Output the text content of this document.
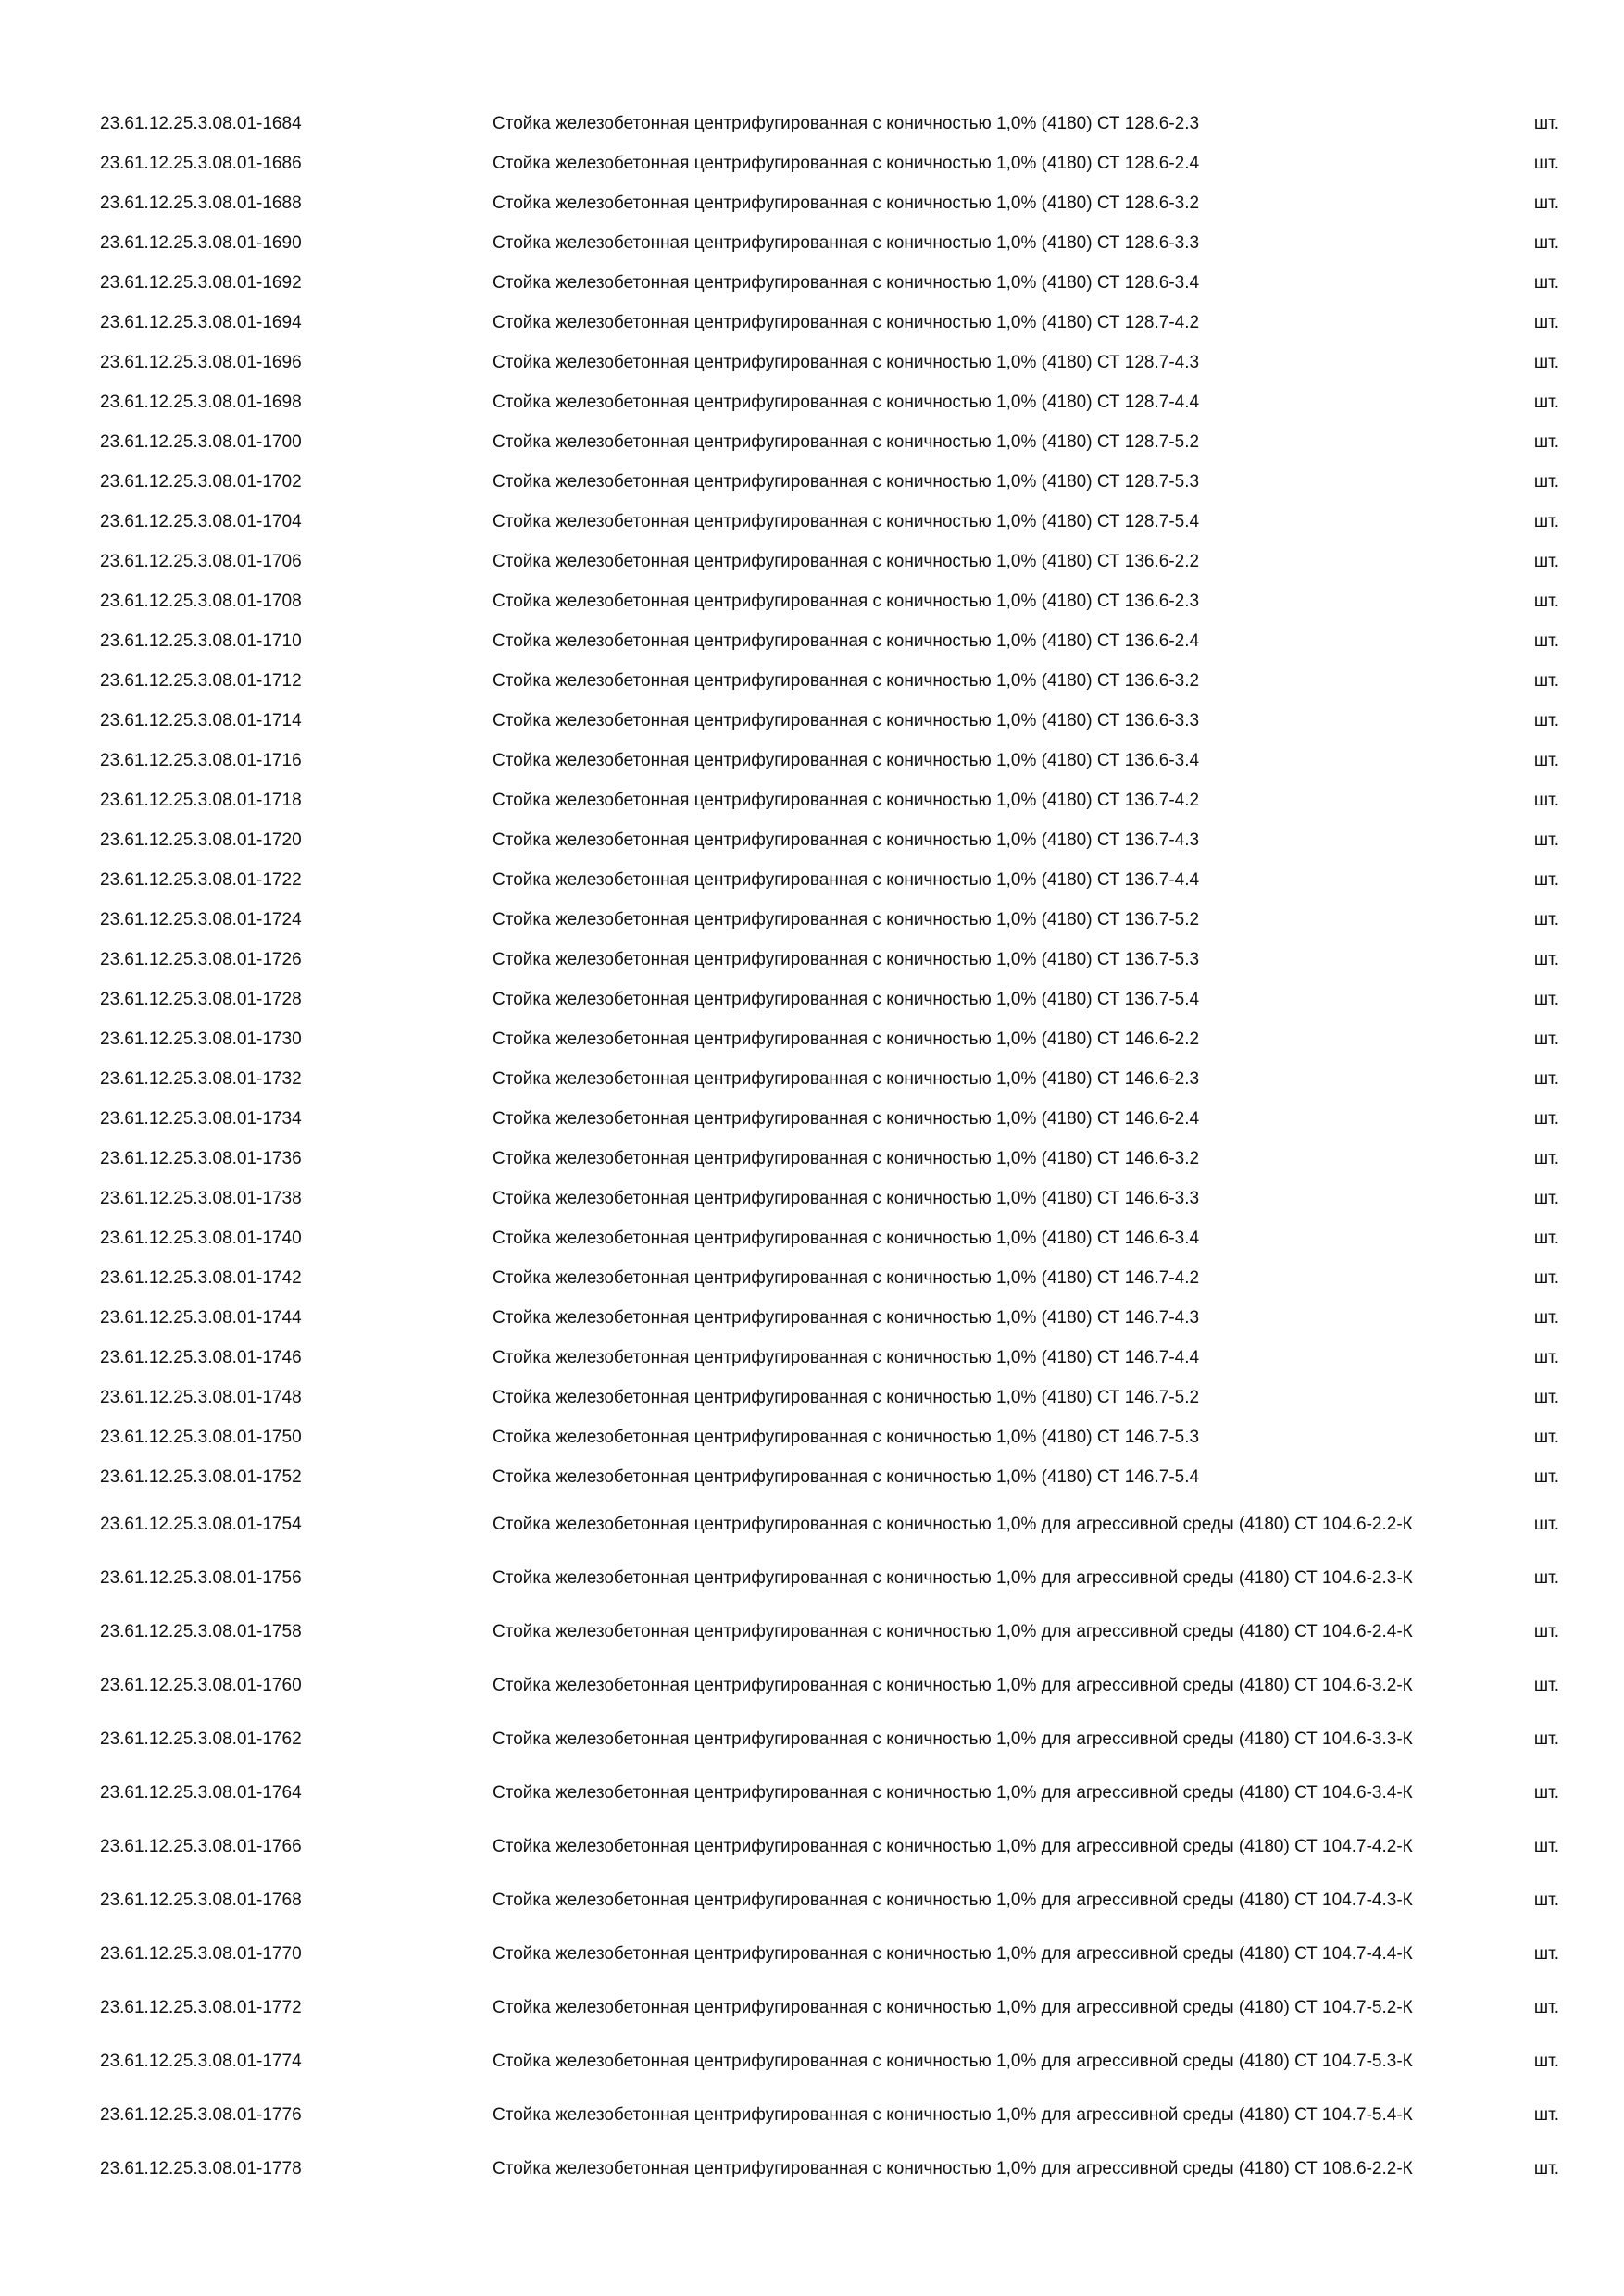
23.61.12.25.3.08.01-1684	Стойка железобетонная центрифугированная с коничностью 1,0% (4180) СТ 128.6-2.3	шт.
23.61.12.25.3.08.01-1686	Стойка железобетонная центрифугированная с коничностью 1,0% (4180) СТ 128.6-2.4	шт.
23.61.12.25.3.08.01-1688	Стойка железобетонная центрифугированная с коничностью 1,0% (4180) СТ 128.6-3.2	шт.
23.61.12.25.3.08.01-1690	Стойка железобетонная центрифугированная с коничностью 1,0% (4180) СТ 128.6-3.3	шт.
23.61.12.25.3.08.01-1692	Стойка железобетонная центрифугированная с коничностью 1,0% (4180) СТ 128.6-3.4	шт.
23.61.12.25.3.08.01-1694	Стойка железобетонная центрифугированная с коничностью 1,0% (4180) СТ 128.7-4.2	шт.
23.61.12.25.3.08.01-1696	Стойка железобетонная центрифугированная с коничностью 1,0% (4180) СТ 128.7-4.3	шт.
23.61.12.25.3.08.01-1698	Стойка железобетонная центрифугированная с коничностью 1,0% (4180) СТ 128.7-4.4	шт.
23.61.12.25.3.08.01-1700	Стойка железобетонная центрифугированная с коничностью 1,0% (4180) СТ 128.7-5.2	шт.
23.61.12.25.3.08.01-1702	Стойка железобетонная центрифугированная с коничностью 1,0% (4180) СТ 128.7-5.3	шт.
23.61.12.25.3.08.01-1704	Стойка железобетонная центрифугированная с коничностью 1,0% (4180) СТ 128.7-5.4	шт.
23.61.12.25.3.08.01-1706	Стойка железобетонная центрифугированная с коничностью 1,0% (4180) СТ 136.6-2.2	шт.
23.61.12.25.3.08.01-1708	Стойка железобетонная центрифугированная с коничностью 1,0% (4180) СТ 136.6-2.3	шт.
23.61.12.25.3.08.01-1710	Стойка железобетонная центрифугированная с коничностью 1,0% (4180) СТ 136.6-2.4	шт.
23.61.12.25.3.08.01-1712	Стойка железобетонная центрифугированная с коничностью 1,0% (4180) СТ 136.6-3.2	шт.
23.61.12.25.3.08.01-1714	Стойка железобетонная центрифугированная с коничностью 1,0% (4180) СТ 136.6-3.3	шт.
23.61.12.25.3.08.01-1716	Стойка железобетонная центрифугированная с коничностью 1,0% (4180) СТ 136.6-3.4	шт.
23.61.12.25.3.08.01-1718	Стойка железобетонная центрифугированная с коничностью 1,0% (4180) СТ 136.7-4.2	шт.
23.61.12.25.3.08.01-1720	Стойка железобетонная центрифугированная с коничностью 1,0% (4180) СТ 136.7-4.3	шт.
23.61.12.25.3.08.01-1722	Стойка железобетонная центрифугированная с коничностью 1,0% (4180) СТ 136.7-4.4	шт.
23.61.12.25.3.08.01-1724	Стойка железобетонная центрифугированная с коничностью 1,0% (4180) СТ 136.7-5.2	шт.
23.61.12.25.3.08.01-1726	Стойка железобетонная центрифугированная с коничностью 1,0% (4180) СТ 136.7-5.3	шт.
23.61.12.25.3.08.01-1728	Стойка железобетонная центрифугированная с коничностью 1,0% (4180) СТ 136.7-5.4	шт.
23.61.12.25.3.08.01-1730	Стойка железобетонная центрифугированная с коничностью 1,0% (4180) СТ 146.6-2.2	шт.
23.61.12.25.3.08.01-1732	Стойка железобетонная центрифугированная с коничностью 1,0% (4180) СТ 146.6-2.3	шт.
23.61.12.25.3.08.01-1734	Стойка железобетонная центрифугированная с коничностью 1,0% (4180) СТ 146.6-2.4	шт.
23.61.12.25.3.08.01-1736	Стойка железобетонная центрифугированная с коничностью 1,0% (4180) СТ 146.6-3.2	шт.
23.61.12.25.3.08.01-1738	Стойка железобетонная центрифугированная с коничностью 1,0% (4180) СТ 146.6-3.3	шт.
23.61.12.25.3.08.01-1740	Стойка железобетонная центрифугированная с коничностью 1,0% (4180) СТ 146.6-3.4	шт.
23.61.12.25.3.08.01-1742	Стойка железобетонная центрифугированная с коничностью 1,0% (4180) СТ 146.7-4.2	шт.
23.61.12.25.3.08.01-1744	Стойка железобетонная центрифугированная с коничностью 1,0% (4180) СТ 146.7-4.3	шт.
23.61.12.25.3.08.01-1746	Стойка железобетонная центрифугированная с коничностью 1,0% (4180) СТ 146.7-4.4	шт.
23.61.12.25.3.08.01-1748	Стойка железобетонная центрифугированная с коничностью 1,0% (4180) СТ 146.7-5.2	шт.
23.61.12.25.3.08.01-1750	Стойка железобетонная центрифугированная с коничностью 1,0% (4180) СТ 146.7-5.3	шт.
23.61.12.25.3.08.01-1752	Стойка железобетонная центрифугированная с коничностью 1,0% (4180) СТ 146.7-5.4	шт.
23.61.12.25.3.08.01-1754	Стойка железобетонная центрифугированная с коничностью 1,0% для агрессивной среды (4180) СТ 104.6-2.2-К	шт.
23.61.12.25.3.08.01-1756	Стойка железобетонная центрифугированная с коничностью 1,0% для агрессивной среды (4180) СТ 104.6-2.3-К	шт.
23.61.12.25.3.08.01-1758	Стойка железобетонная центрифугированная с коничностью 1,0% для агрессивной среды (4180) СТ 104.6-2.4-К	шт.
23.61.12.25.3.08.01-1760	Стойка железобетонная центрифугированная с коничностью 1,0% для агрессивной среды (4180) СТ 104.6-3.2-К	шт.
23.61.12.25.3.08.01-1762	Стойка железобетонная центрифугированная с коничностью 1,0% для агрессивной среды (4180) СТ 104.6-3.3-К	шт.
23.61.12.25.3.08.01-1764	Стойка железобетонная центрифугированная с коничностью 1,0% для агрессивной среды (4180) СТ 104.6-3.4-К	шт.
23.61.12.25.3.08.01-1766	Стойка железобетонная центрифугированная с коничностью 1,0% для агрессивной среды (4180) СТ 104.7-4.2-К	шт.
23.61.12.25.3.08.01-1768	Стойка железобетонная центрифугированная с коничностью 1,0% для агрессивной среды (4180) СТ 104.7-4.3-К	шт.
23.61.12.25.3.08.01-1770	Стойка железобетонная центрифугированная с коничностью 1,0% для агрессивной среды (4180) СТ 104.7-4.4-К	шт.
23.61.12.25.3.08.01-1772	Стойка железобетонная центрифугированная с коничностью 1,0% для агрессивной среды (4180) СТ 104.7-5.2-К	шт.
23.61.12.25.3.08.01-1774	Стойка железобетонная центрифугированная с коничностью 1,0% для агрессивной среды (4180) СТ 104.7-5.3-К	шт.
23.61.12.25.3.08.01-1776	Стойка железобетонная центрифугированная с коничностью 1,0% для агрессивной среды (4180) СТ 104.7-5.4-К	шт.
23.61.12.25.3.08.01-1778	Стойка железобетонная центрифугированная с коничностью 1,0% для агрессивной среды (4180) СТ 108.6-2.2-К	шт.
